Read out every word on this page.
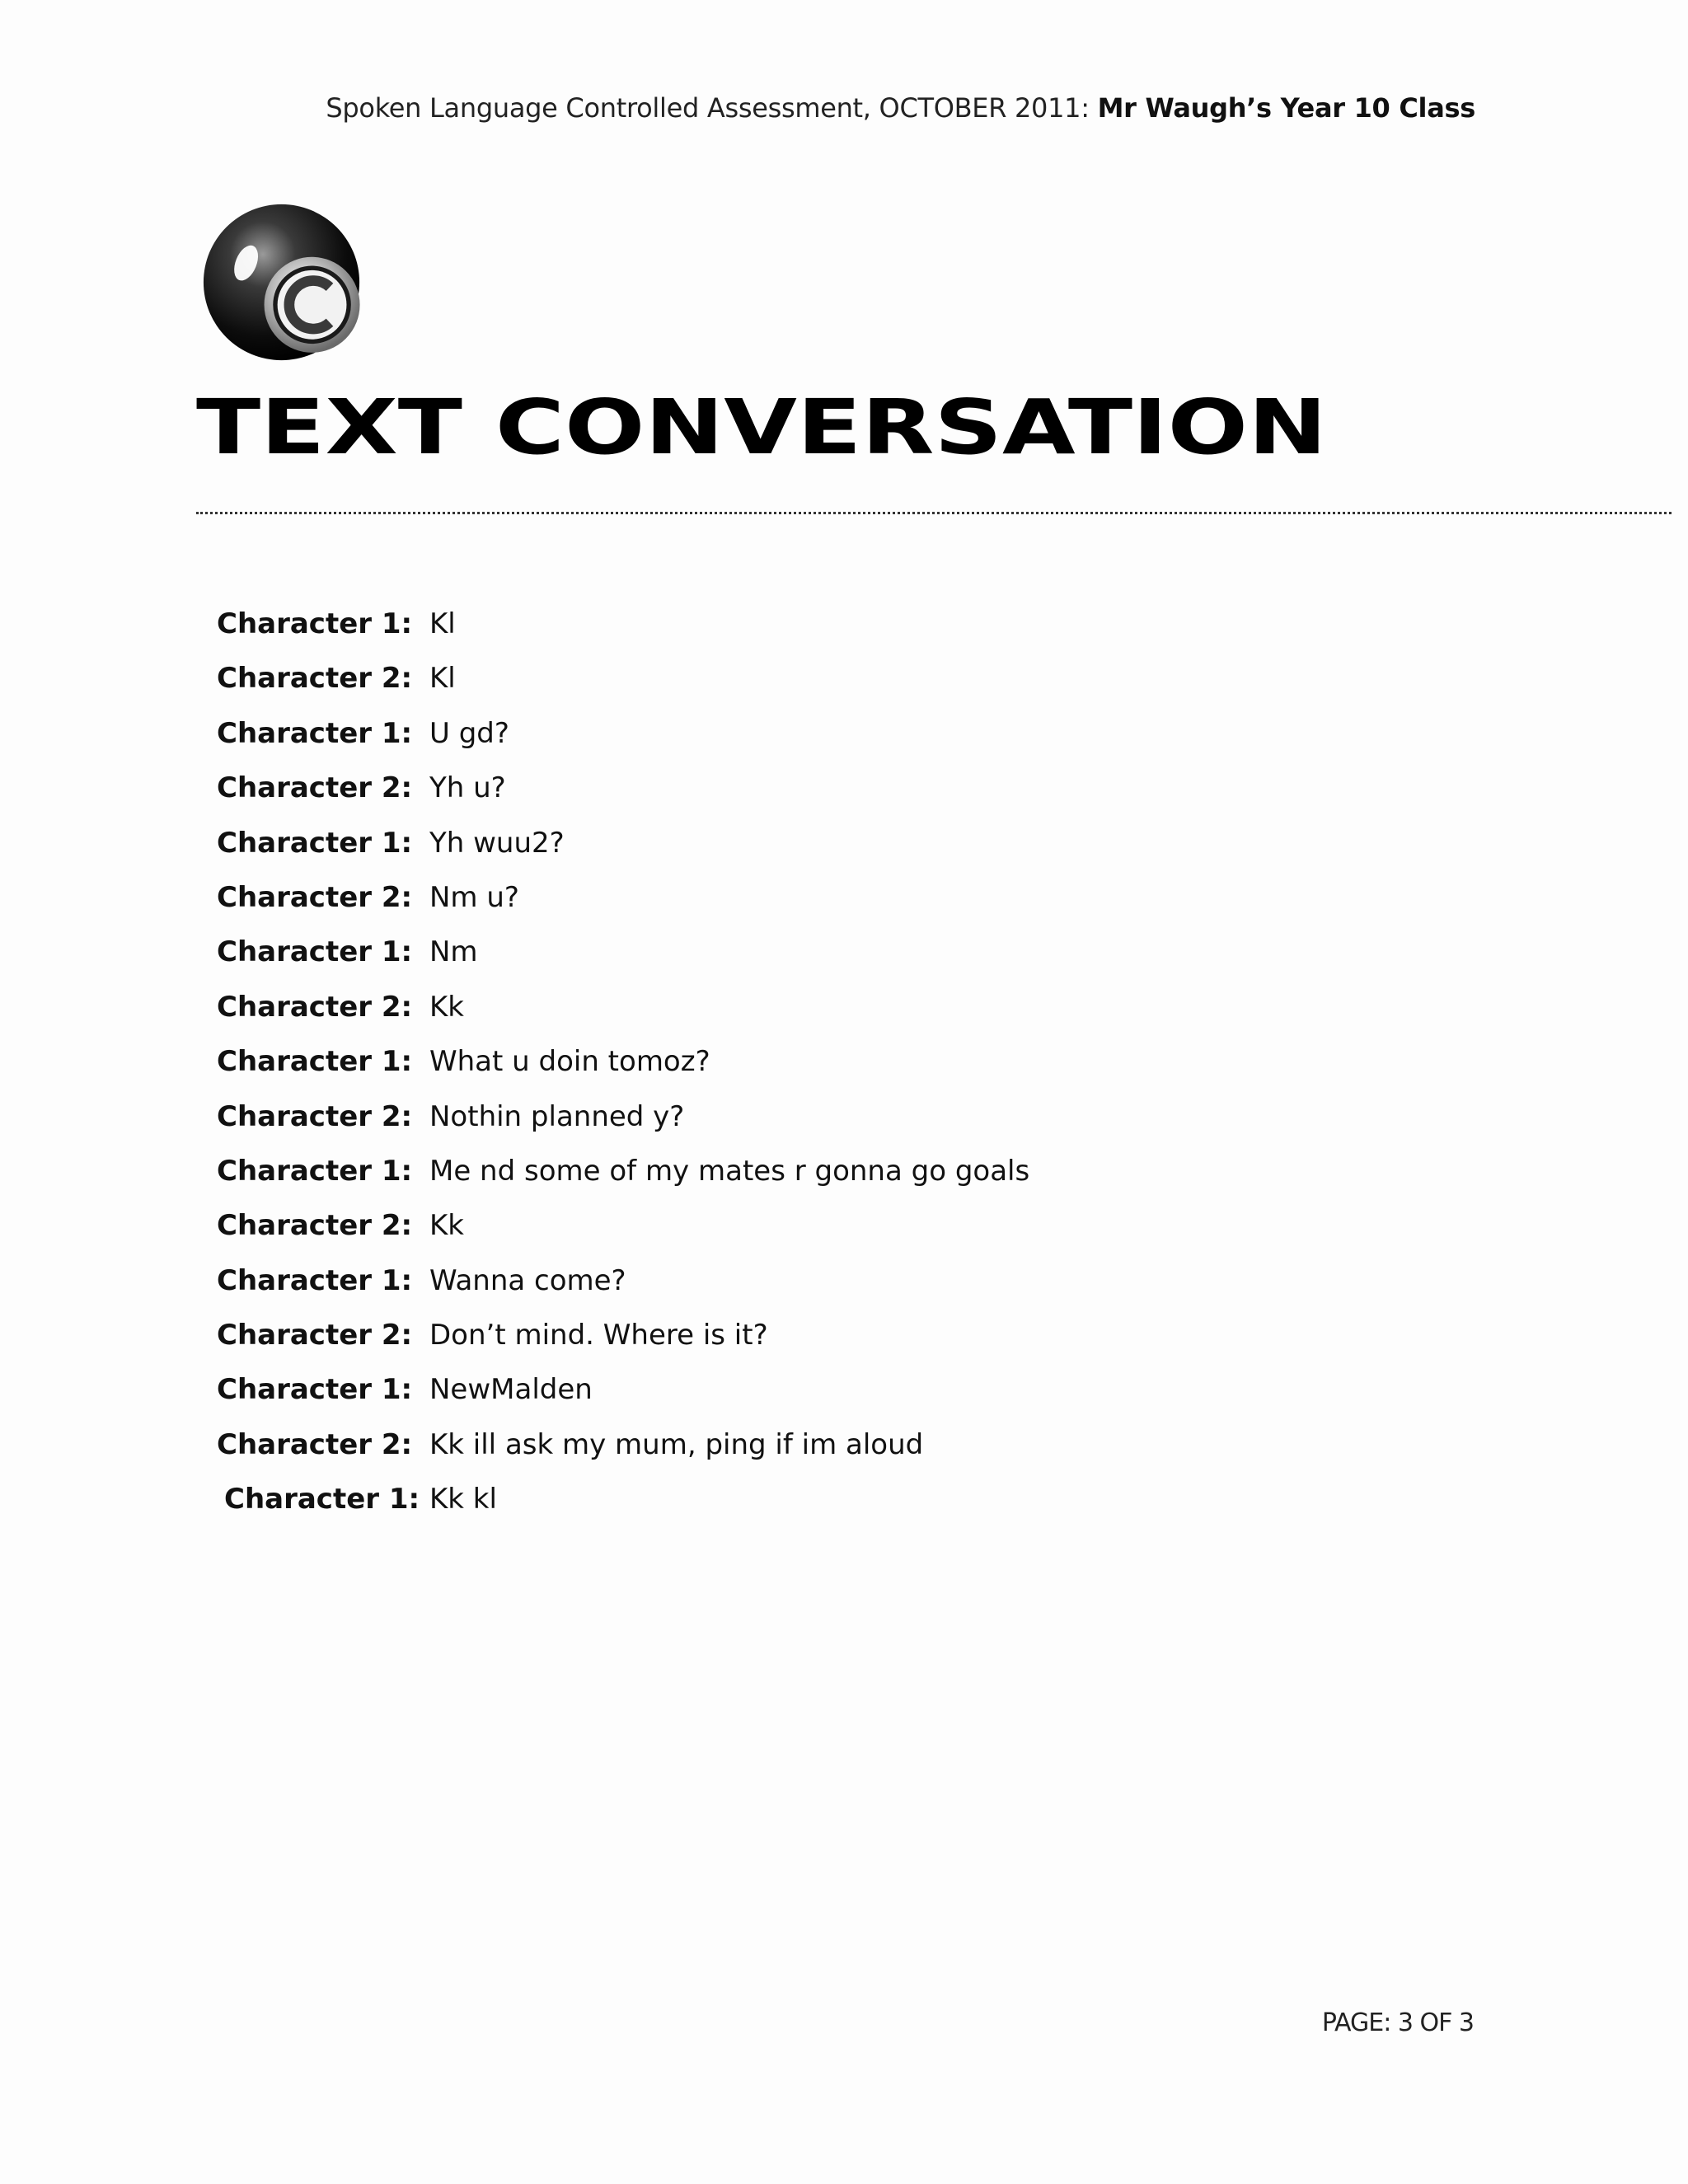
Spoken Language Controlled Assessment, OCTOBER 2011: Mr Waugh’s Year 10 Class
TEXT CONVERSATION
Character 1: Kl
Character 2: Kl
Character 1: U gd?
Character 2: Yh u?
Character 1: Yh wuu2?
Character 2: Nm u?
Character 1: Nm
Character 2: Kk
Character 1: What u doin tomoz?
Character 2: Nothin planned y?
Character 1: Me nd some of my mates r gonna go goals
Character 2: Kk
Character 1: Wanna come?
Character 2: Don’t mind. Where is it?
Character 1: NewMalden
Character 2: Kk ill ask my mum, ping if im aloud
Character 1: Kk kl
PAGE: 3 OF 3
